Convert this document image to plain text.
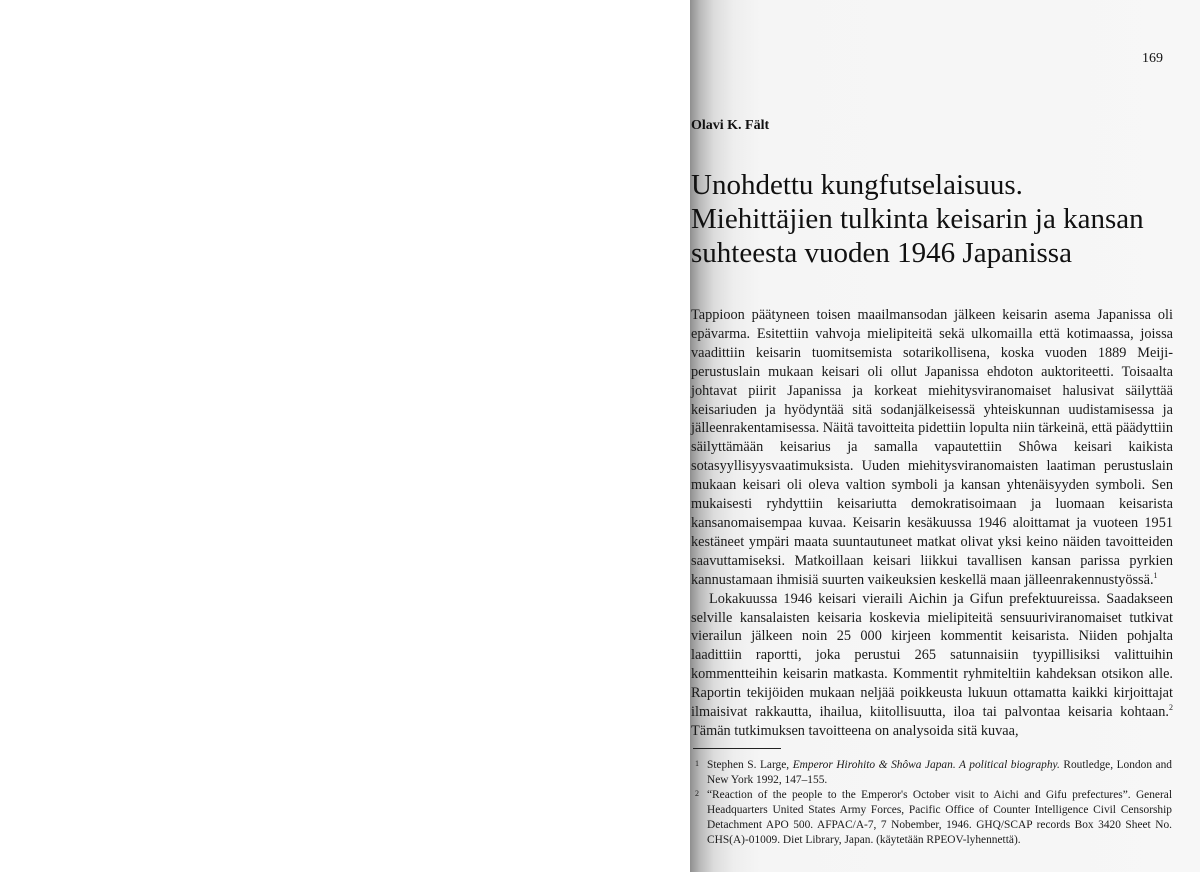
169
Olavi K. Fält
Unohdettu kungfutselaisuus. Miehittäjien tulkinta keisarin ja kansan suhteesta vuoden 1946 Japanissa

Tappioon päätyneen toisen maailmansodan jälkeen keisarin asema Japanissa oli epävarma. Esitettiin vahvoja mielipiteitä sekä ulkomailla että kotimaassa, joissa vaadittiin keisarin tuomitsemista sotarikollisena, koska vuoden 1889 Meiji-perustuslain mukaan keisari oli ollut Japanissa ehdoton auktoriteetti. Toisaalta johtavat piirit Japanissa ja korkeat miehitysviranomaiset halusivat säilyttää keisariuden ja hyödyntää sitä sodanjälkeisessä yhteiskunnan uudistamisessa ja jälleenrakentamisessa. Näitä tavoitteita pidettiin lopulta niin tärkeinä, että päädyttiin säilyttämään keisarius ja samalla vapautettiin Shôwa keisari kaikista sotasyyllisyysvaatimuksista. Uuden miehitysviranomaisten laatiman perustuslain mukaan keisari oli oleva valtion symboli ja kansan yhtenäisyyden symboli. Sen mukaisesti ryhdyttiin keisariutta demokratisoimaan ja luomaan keisarista kansanomaisempaa kuvaa. Keisarin kesäkuussa 1946 aloittamat ja vuoteen 1951 kestäneet ympäri maata suuntautuneet matkat olivat yksi keino näiden tavoitteiden saavuttamiseksi. Matkoillaan keisari liikkui tavallisen kansan parissa pyrkien kannustamaan ihmisiä suurten vaikeuksien keskellä maan jälleenrakennustyössä.$^1$

Lokakuussa 1946 keisari vieraili Aichin ja Gifun prefektuureissa. Saadakseen selville kansalaisten keisaria koskevia mielipiteitä sensuuriviranomaiset tutkivat vierailun jälkeen noin 25 000 kirjeen kommentit keisarista. Niiden pohjalta laadittiin raportti, joka perustui 265 satunnaisiin tyypillisiksi valittuihin kommentteihin keisarin matkasta. Kommentit ryhmiteltiin kahdeksan otsikon alle. Raportin tekijöiden mukaan neljää poikkeusta lukuun ottamatta kaikki kirjoittajat ilmaisivat rakkautta, ihailua, kiitollisuutta, iloa tai palvontaa keisaria kohtaan.$^2$ Tämän tutkimuksen tavoitteena on analysoida sitä kuvaa,

1 Stephen S. Large, Emperor Hirohito & Shôwa Japan. A political biography. Routledge, London and New York 1992, 147–155.
2 “Reaction of the people to the Emperor's October visit to Aichi and Gifu prefectures”. General Headquarters United States Army Forces, Pacific Office of Counter Intelligence Civil Censorship Detachment APO 500. AFPAC/A-7, 7 Nobember, 1946. GHQ/SCAP records Box 3420 Sheet No. CHS(A)-01009. Diet Library, Japan. (käytetään RPEOV-lyhennettä).
